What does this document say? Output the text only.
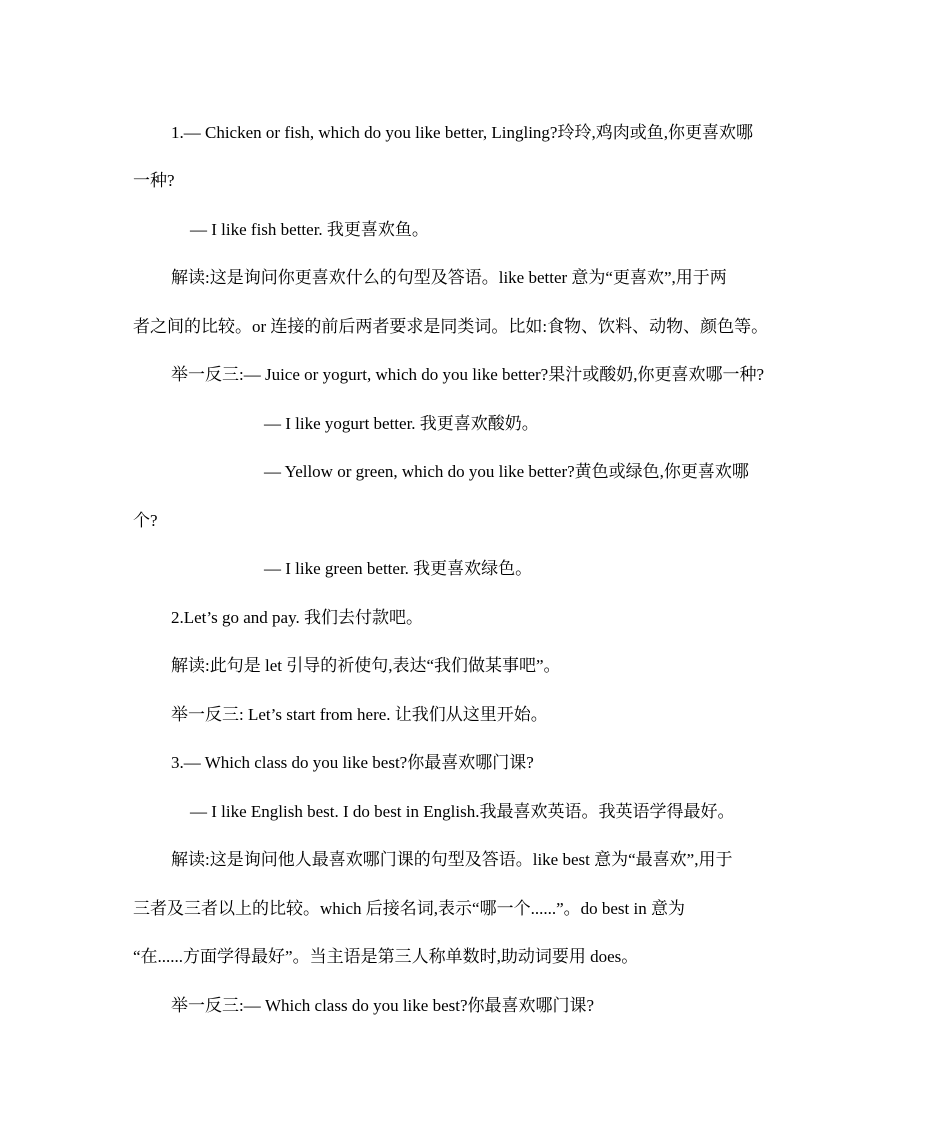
1.— Chicken or fish, which do you like better, Lingling?玲玲,鸡肉或鱼,你更喜欢哪
一种?
— I like fish better. 我更喜欢鱼。
解读:这是询问你更喜欢什么的句型及答语。like better 意为“更喜欢”,用于两
者之间的比较。or 连接的前后两者要求是同类词。比如:食物、饮料、动物、颜色等。
举一反三:— Juice or yogurt, which do you like better?果汁或酸奶,你更喜欢哪一种?
— I like yogurt better. 我更喜欢酸奶。
— Yellow or green, which do you like better?黄色或绿色,你更喜欢哪
个?
— I like green better. 我更喜欢绿色。
2.Let’s go and pay. 我们去付款吧。
解读:此句是 let 引导的祈使句,表达“我们做某事吧”。
举一反三: Let’s start from here. 让我们从这里开始。
3.— Which class do you like best?你最喜欢哪门课?
— I like English best. I do best in English.我最喜欢英语。我英语学得最好。
解读:这是询问他人最喜欢哪门课的句型及答语。like best 意为“最喜欢”,用于
三者及三者以上的比较。which 后接名词,表示“哪一个......”。do best in 意为
“在......方面学得最好”。当主语是第三人称单数时,助动词要用 does。
举一反三:— Which class do you like best?你最喜欢哪门课?
